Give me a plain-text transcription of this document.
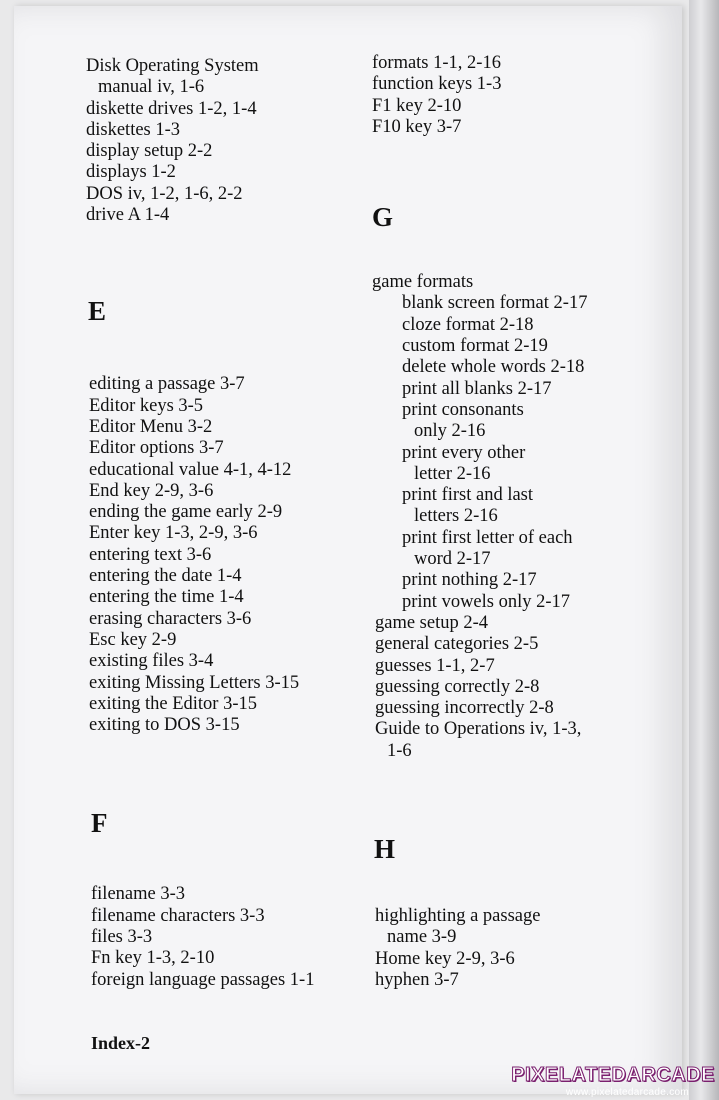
Disk Operating System
manual iv, 1-6
diskette drives 1-2, 1-4
diskettes 1-3
display setup 2-2
displays 1-2
DOS iv, 1-2, 1-6, 2-2
drive A 1-4
E
editing a passage 3-7
Editor keys 3-5
Editor Menu 3-2
Editor options 3-7
educational value 4-1, 4-12
End key 2-9, 3-6
ending the game early 2-9
Enter key 1-3, 2-9, 3-6
entering text 3-6
entering the date 1-4
entering the time 1-4
erasing characters 3-6
Esc key 2-9
existing files 3-4
exiting Missing Letters 3-15
exiting the Editor 3-15
exiting to DOS 3-15
F
filename 3-3
filename characters 3-3
files 3-3
Fn key 1-3, 2-10
foreign language passages 1-1
formats 1-1, 2-16
function keys 1-3
F1 key 2-10
F10 key 3-7
G
game formats
blank screen format 2-17
cloze format 2-18
custom format 2-19
delete whole words 2-18
print all blanks 2-17
print consonants
only 2-16
print every other
letter 2-16
print first and last
letters 2-16
print first letter of each
word 2-17
print nothing 2-17
print vowels only 2-17
game setup 2-4
general categories 2-5
guesses 1-1, 2-7
guessing correctly 2-8
guessing incorrectly 2-8
Guide to Operations iv, 1-3,
1-6
H
highlighting a passage
name 3-9
Home key 2-9, 3-6
hyphen 3-7
Index-2
PIXELATEDARCADE
www.pixelatedarcade.com
